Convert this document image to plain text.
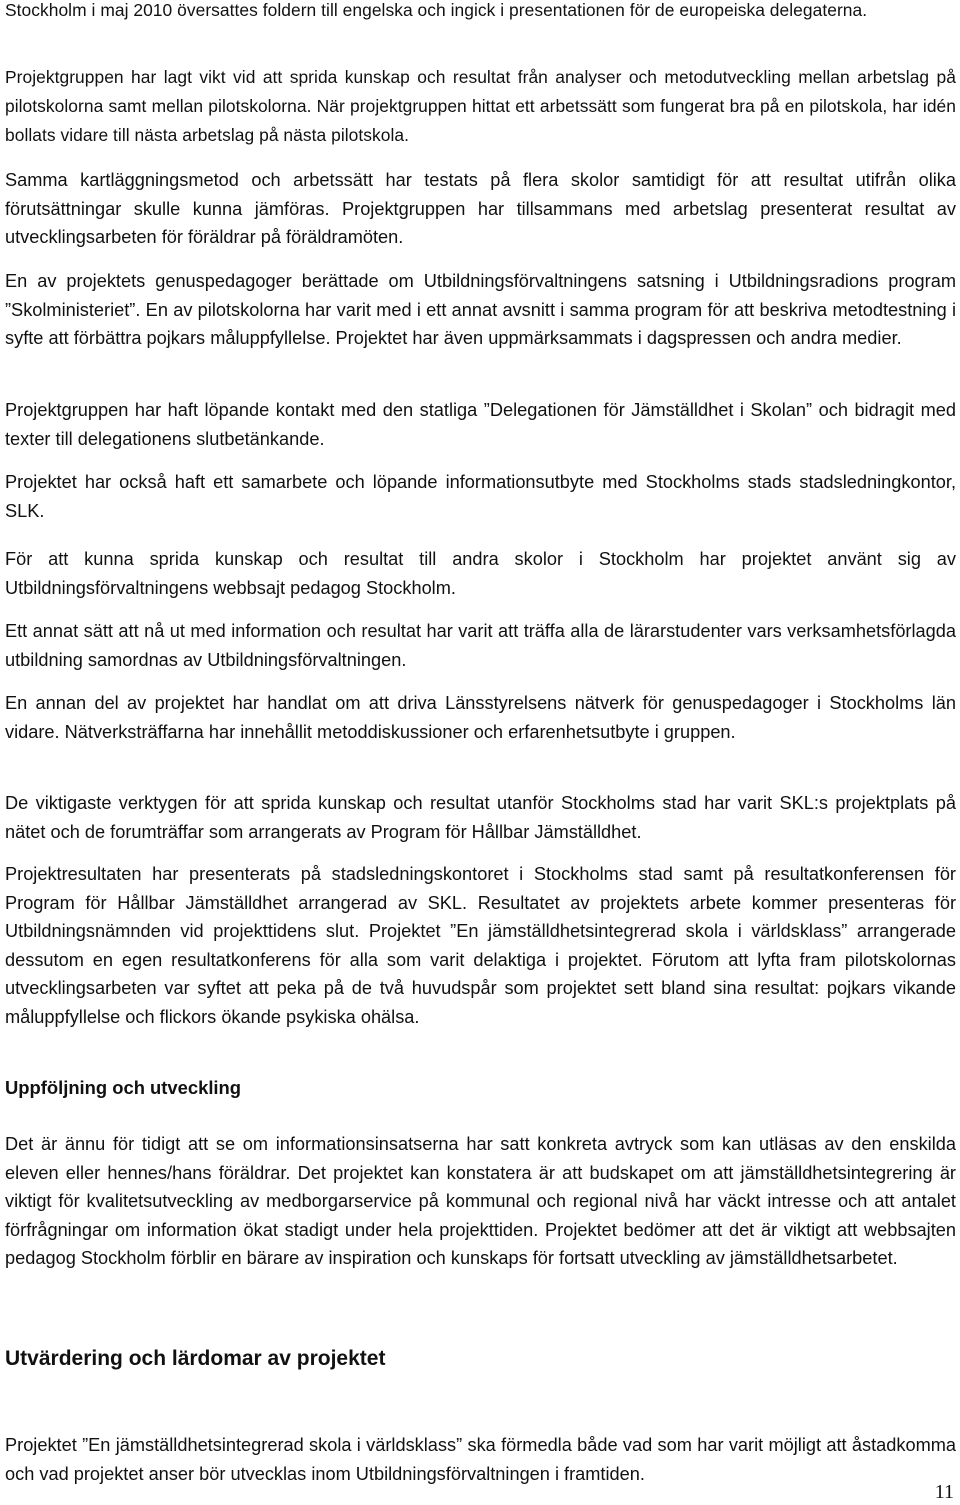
Stockholm i maj 2010 översattes foldern till engelska och ingick i presentationen för de europeiska delegaterna.

Projektgruppen har lagt vikt vid att sprida kunskap och resultat från analyser och metodutveckling mellan arbetslag på pilotskolorna samt mellan pilotskolorna. När projektgruppen hittat ett arbetssätt som fungerat bra på en pilotskola, har idén bollats vidare till nästa arbetslag på nästa pilotskola.

Samma kartläggningsmetod och arbetssätt har testats på flera skolor samtidigt för att resultat utifrån olika förutsättningar skulle kunna jämföras. Projektgruppen har tillsammans med arbetslag presenterat resultat av utvecklingsarbeten för föräldrar på föräldramöten.

En av projektets genuspedagoger berättade om Utbildningsförvaltningens satsning i Utbildningsradions program ”Skolministeriet”. En av pilotskolorna har varit med i ett annat avsnitt i samma program för att beskriva metodtestning i syfte att förbättra pojkars måluppfyllelse. Projektet har även uppmärksammats i dagspressen och andra medier.

Projektgruppen har haft löpande kontakt med den statliga ”Delegationen för Jämställdhet i Skolan” och bidragit med texter till delegationens slutbetänkande.

Projektet har också haft ett samarbete och löpande informationsutbyte med Stockholms stads stadsledningkontor, SLK.

För att kunna sprida kunskap och resultat till andra skolor i Stockholm har projektet använt sig av Utbildningsförvaltningens webbsajt pedagog Stockholm.

Ett annat sätt att nå ut med information och resultat har varit att träffa alla de lärarstudenter vars verksamhetsförlagda utbildning samordnas av Utbildningsförvaltningen.

En annan del av projektet har handlat om att driva Länsstyrelsens nätverk för genuspedagoger i Stockholms län vidare. Nätverksträffarna har innehållit metoddiskussioner och erfarenhetsutbyte i gruppen.

De viktigaste verktygen för att sprida kunskap och resultat utanför Stockholms stad har varit SKL:s projektplats på nätet och de forumträffar som arrangerats av Program för Hållbar Jämställdhet.

Projektresultaten har presenterats på stadsledningskontoret i Stockholms stad samt på resultatkonferensen för Program för Hållbar Jämställdhet arrangerad av SKL. Resultatet av projektets arbete kommer presenteras för Utbildningsnämnden vid projekttidens slut. Projektet ”En jämställdhetsintegrerad skola i världsklass” arrangerade dessutom en egen resultatkonferens för alla som varit delaktiga i projektet. Förutom att lyfta fram pilotskolornas utvecklingsarbeten var syftet att peka på de två huvudspår som projektet sett bland sina resultat: pojkars vikande måluppfyllelse och flickors ökande psykiska ohälsa.

Uppföljning och utveckling

Det är ännu för tidigt att se om informationsinsatserna har satt konkreta avtryck som kan utläsas av den enskilda eleven eller hennes/hans föräldrar. Det projektet kan konstatera är att budskapet om att jämställdhetsintegrering är viktigt för kvalitetsutveckling av medborgarservice på kommunal och regional nivå har väckt intresse och att antalet förfrågningar om information ökat stadigt under hela projekttiden. Projektet bedömer att det är viktigt att webbsajten pedagog Stockholm förblir en bärare av inspiration och kunskaps för fortsatt utveckling av jämställdhetsarbetet.

Utvärdering och lärdomar av projektet

Projektet ”En jämställdhetsintegrerad skola i världsklass” ska förmedla både vad som har varit möjligt att åstadkomma och vad projektet anser bör utvecklas inom Utbildningsförvaltningen i framtiden.

11
